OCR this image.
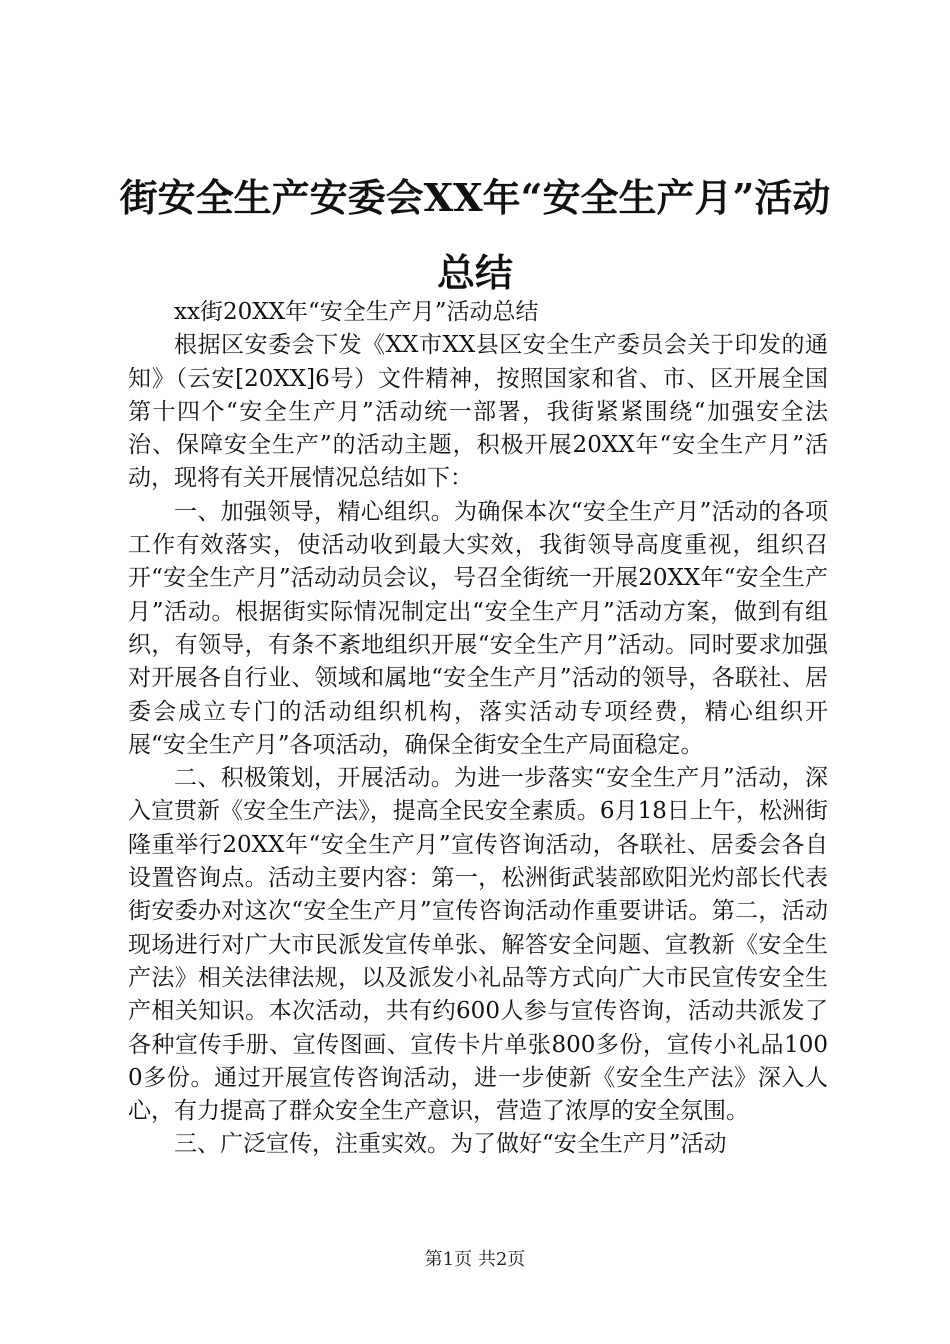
街安全生产安委会XX年“安全生产月”活动
总结

xx街20XX年“安全生产月”活动总结

根据区安委会下发《XX市XX县区安全生产委员会关于印发的通知》（云安[20XX]6号）文件精神，按照国家和省、市、区开展全国第十四个“安全生产月”活动统一部署，我街紧紧围绕“加强安全法治、保障安全生产”的活动主题，积极开展20XX年“安全生产月”活动，现将有关开展情况总结如下：

一、加强领导，精心组织。为确保本次“安全生产月”活动的各项工作有效落实，使活动收到最大实效，我街领导高度重视，组织召开“安全生产月”活动动员会议，号召全街统一开展20XX年“安全生产月”活动。根据街实际情况制定出“安全生产月”活动方案，做到有组织，有领导，有条不紊地组织开展“安全生产月”活动。同时要求加强对开展各自行业、领域和属地“安全生产月”活动的领导，各联社、居委会成立专门的活动组织机构，落实活动专项经费，精心组织开展“安全生产月”各项活动，确保全街安全生产局面稳定。

二、积极策划，开展活动。为进一步落实“安全生产月”活动，深入宣贯新《安全生产法》，提高全民安全素质。6月18日上午，松洲街隆重举行20XX年“安全生产月”宣传咨询活动，各联社、居委会各自设置咨询点。活动主要内容：第一，松洲街武装部欧阳光灼部长代表街安委办对这次“安全生产月”宣传咨询活动作重要讲话。第二，活动现场进行对广大市民派发宣传单张、解答安全问题、宣教新《安全生产法》相关法律法规，以及派发小礼品等方式向广大市民宣传安全生产相关知识。本次活动，共有约600人参与宣传咨询，活动共派发了各种宣传手册、宣传图画、宣传卡片单张800多份，宣传小礼品1000多份。通过开展宣传咨询活动，进一步使新《安全生产法》深入人心，有力提高了群众安全生产意识，营造了浓厚的安全氛围。

三、广泛宣传，注重实效。为了做好“安全生产月”活动

第1页 共2页
